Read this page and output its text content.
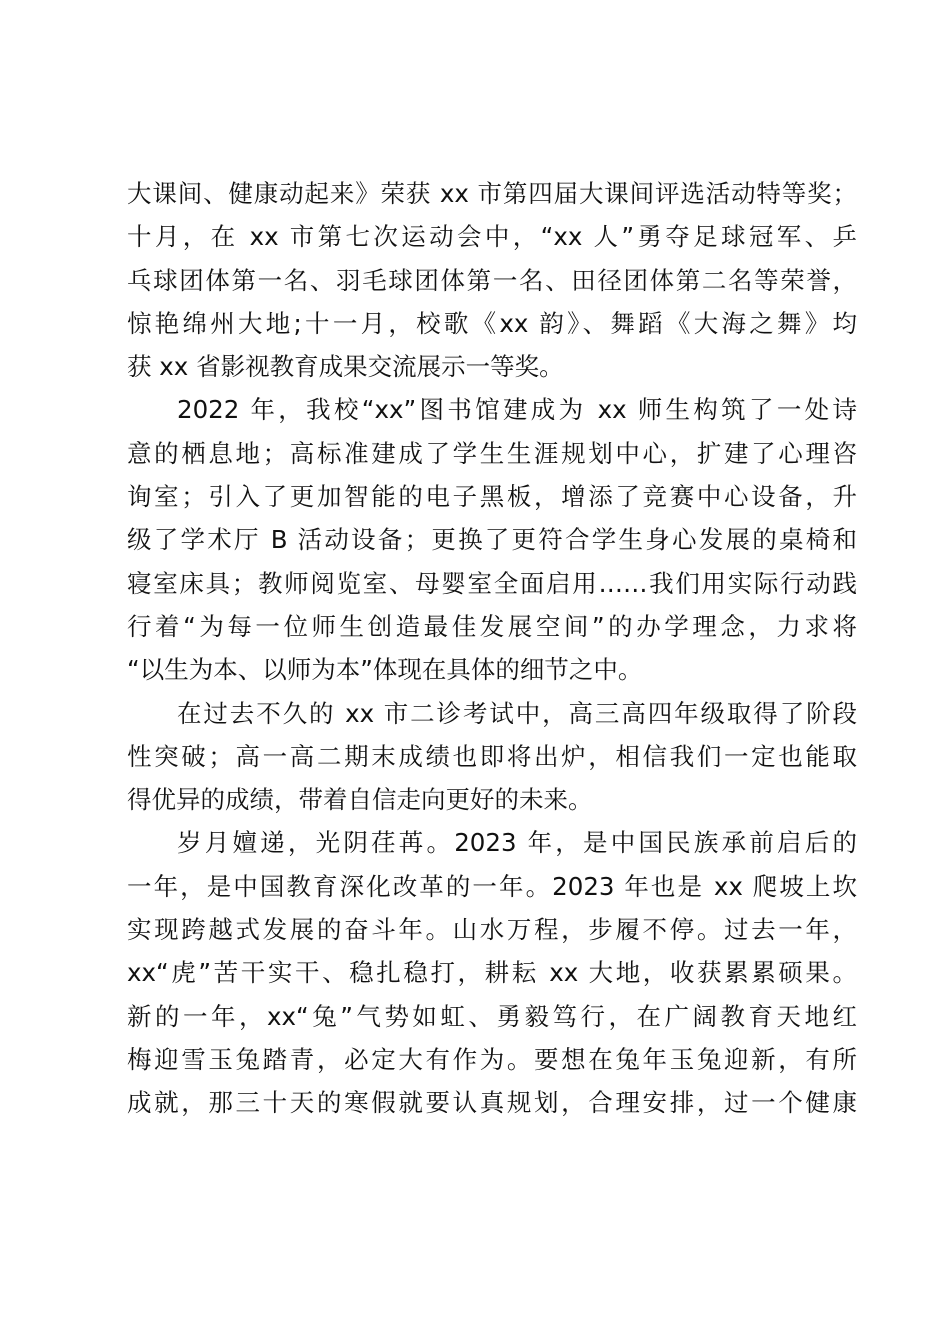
大课间、健康动起来》荣获 xx 市第四届大课间评选活动特等奖；
十月，在 xx 市第七次运动会中，“xx 人”勇夺足球冠军、乒
乓球团体第一名、羽毛球团体第一名、田径团体第二名等荣誉，
惊艳绵州大地;十一月，校歌《xx 韵》、舞蹈《大海之舞》均
获 xx 省影视教育成果交流展示一等奖。
2022 年，我校“xx”图书馆建成为 xx 师生构筑了一处诗
意的栖息地；高标准建成了学生生涯规划中心，扩建了心理咨
询室；引入了更加智能的电子黑板，增添了竞赛中心设备，升
级了学术厅 B 活动设备；更换了更符合学生身心发展的桌椅和
寝室床具；教师阅览室、母婴室全面启用……我们用实际行动践
行着“为每一位师生创造最佳发展空间”的办学理念，力求将
“以生为本、以师为本”体现在具体的细节之中。
在过去不久的 xx 市二诊考试中，高三高四年级取得了阶段
性突破；高一高二期末成绩也即将出炉，相信我们一定也能取
得优异的成绩，带着自信走向更好的未来。
岁月嬗递，光阴荏苒。2023 年，是中国民族承前启后的
一年，是中国教育深化改革的一年。2023 年也是 xx 爬坡上坎
实现跨越式发展的奋斗年。山水万程，步履不停。过去一年，
xx“虎”苦干实干、稳扎稳打，耕耘 xx 大地，收获累累硕果。
新的一年，xx“兔”气势如虹、勇毅笃行，在广阔教育天地红
梅迎雪玉兔踏青，必定大有作为。要想在兔年玉兔迎新，有所
成就，那三十天的寒假就要认真规划，合理安排，过一个健康
